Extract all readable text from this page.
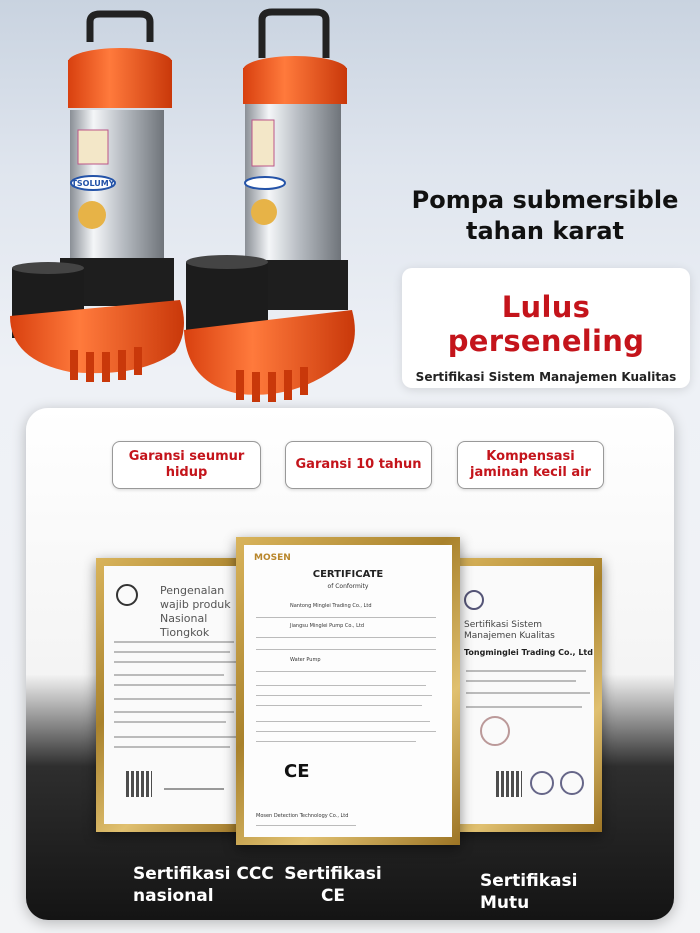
TSOLUMY
Pompa submersible
tahan karat
Lulus perseneling
Sertifikasi Sistem Manajemen Kualitas
Garansi seumur hidup
Garansi 10 tahun
Kompensasi jaminan kecil air
Pengenalan wajib produk Nasional Tiongkok
Sertifikasi Sistem Manajemen Kualitas
Tongminglei Trading Co., Ltd
MOSEN
CERTIFICATE
of Conformity
Nantong Minglei Trading Co., Ltd
Jiangsu Minglei Pump Co., Ltd
Water Pump
CE
Mosen Detection Technology Co., Ltd
Sertifikasi CCC nasional
Sertifikasi CE
Sertifikasi Mutu
